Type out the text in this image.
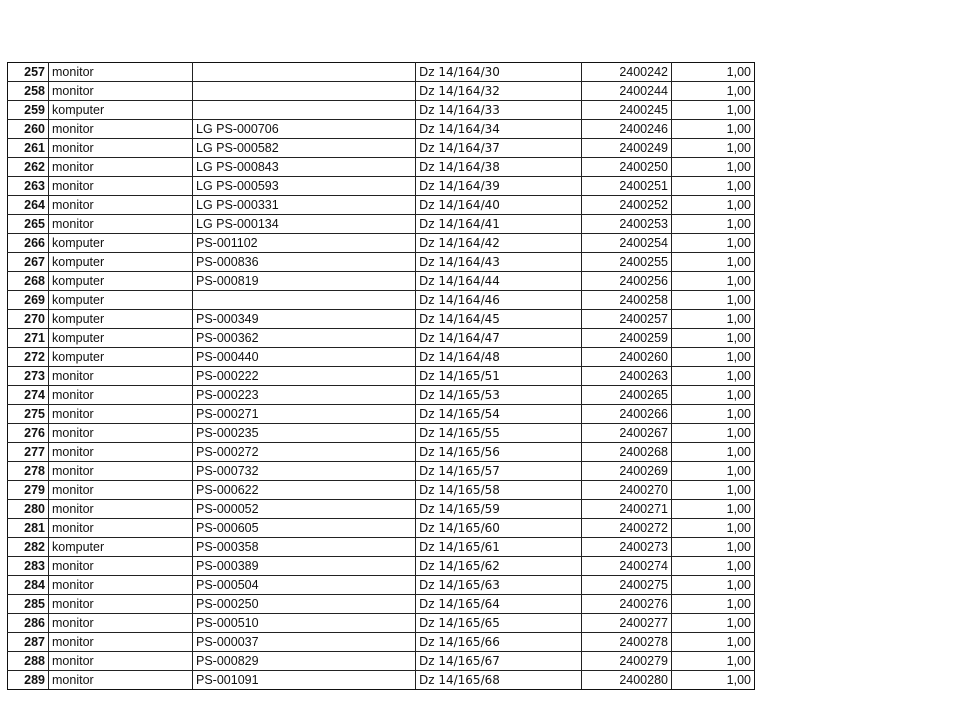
257	monitor		Dz 14/164/30	2400242	1,00
258	monitor		Dz 14/164/32	2400244	1,00
259	komputer		Dz 14/164/33	2400245	1,00
260	monitor	LG PS-000706	Dz 14/164/34	2400246	1,00
261	monitor	LG PS-000582	Dz 14/164/37	2400249	1,00
262	monitor	LG PS-000843	Dz 14/164/38	2400250	1,00
263	monitor	LG PS-000593	Dz 14/164/39	2400251	1,00
264	monitor	LG PS-000331	Dz 14/164/40	2400252	1,00
265	monitor	LG PS-000134	Dz 14/164/41	2400253	1,00
266	komputer	PS-001102	Dz 14/164/42	2400254	1,00
267	komputer	PS-000836	Dz 14/164/43	2400255	1,00
268	komputer	PS-000819	Dz 14/164/44	2400256	1,00
269	komputer		Dz 14/164/46	2400258	1,00
270	komputer	PS-000349	Dz 14/164/45	2400257	1,00
271	komputer	PS-000362	Dz 14/164/47	2400259	1,00
272	komputer	PS-000440	Dz 14/164/48	2400260	1,00
273	monitor	PS-000222	Dz 14/165/51	2400263	1,00
274	monitor	PS-000223	Dz 14/165/53	2400265	1,00
275	monitor	PS-000271	Dz 14/165/54	2400266	1,00
276	monitor	PS-000235	Dz 14/165/55	2400267	1,00
277	monitor	PS-000272	Dz 14/165/56	2400268	1,00
278	monitor	PS-000732	Dz 14/165/57	2400269	1,00
279	monitor	PS-000622	Dz 14/165/58	2400270	1,00
280	monitor	PS-000052	Dz 14/165/59	2400271	1,00
281	monitor	PS-000605	Dz 14/165/60	2400272	1,00
282	komputer	PS-000358	Dz 14/165/61	2400273	1,00
283	monitor	PS-000389	Dz 14/165/62	2400274	1,00
284	monitor	PS-000504	Dz 14/165/63	2400275	1,00
285	monitor	PS-000250	Dz 14/165/64	2400276	1,00
286	monitor	PS-000510	Dz 14/165/65	2400277	1,00
287	monitor	PS-000037	Dz 14/165/66	2400278	1,00
288	monitor	PS-000829	Dz 14/165/67	2400279	1,00
289	monitor	PS-001091	Dz 14/165/68	2400280	1,00
